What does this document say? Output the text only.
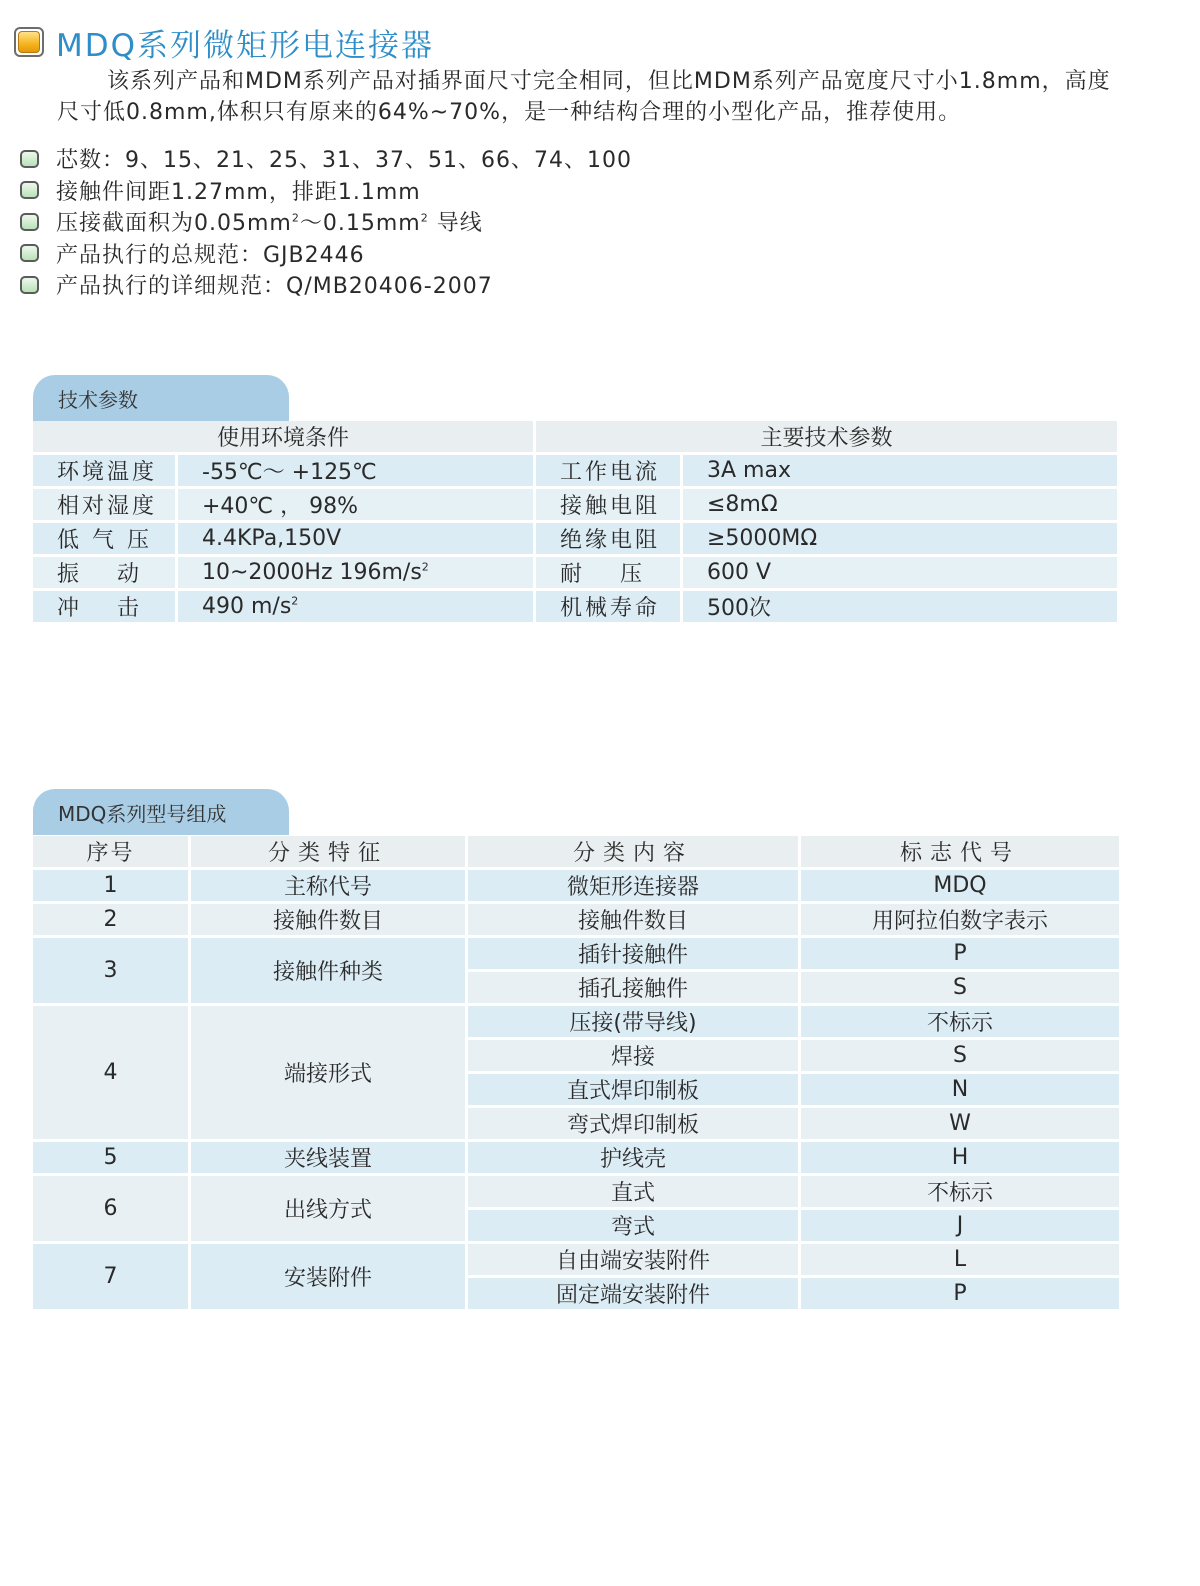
MDQ系列微矩形电连接器

该系列产品和MDM系列产品对插界面尺寸完全相同，但比MDM系列产品宽度尺寸小1.8mm，高度

尺寸低0.8mm,体积只有原来的64%~70%，是一种结构合理的小型化产品，推荐使用。

芯数：9、15、21、25、31、37、51、66、74、100
接触件间距1.27mm，排距1.1mm
压接截面积为$0.05mm^2\sim 0.15mm^2$ 导线
产品执行的总规范：GJB2446
产品执行的详细规范：Q/MB20406-2007
技术参数
使用环境条件		主要技术参数	
环境温度	-55℃～ +125℃	工作电流	3A max
相对湿度	+40℃ ， 98%	接触电阻	≤8mΩ
低 气 压	4.4KPa,150V	绝缘电阻	≥5000MΩ
振　 动	10~2000Hz $196m/s^2$	耐　 压	600 V
冲　 击	490 $m/s^2$	机械寿命	500次
MDQ系列型号组成
序号	分类特征	分类内容	标志代号
1	主称代号	微矩形连接器	MDQ
2	接触件数目	接触件数目	用阿拉伯数字表示
3	接触件种类	插针接触件	P
		插孔接触件	S
4	端接形式	压接(带导线)	不标示
		焊接	S
		直式焊印制板	N
		弯式焊印制板	W
5	夹线装置	护线壳	H
6	出线方式	直式	不标示
		弯式	J
7	安装附件	自由端安装附件	L
		固定端安装附件	P
